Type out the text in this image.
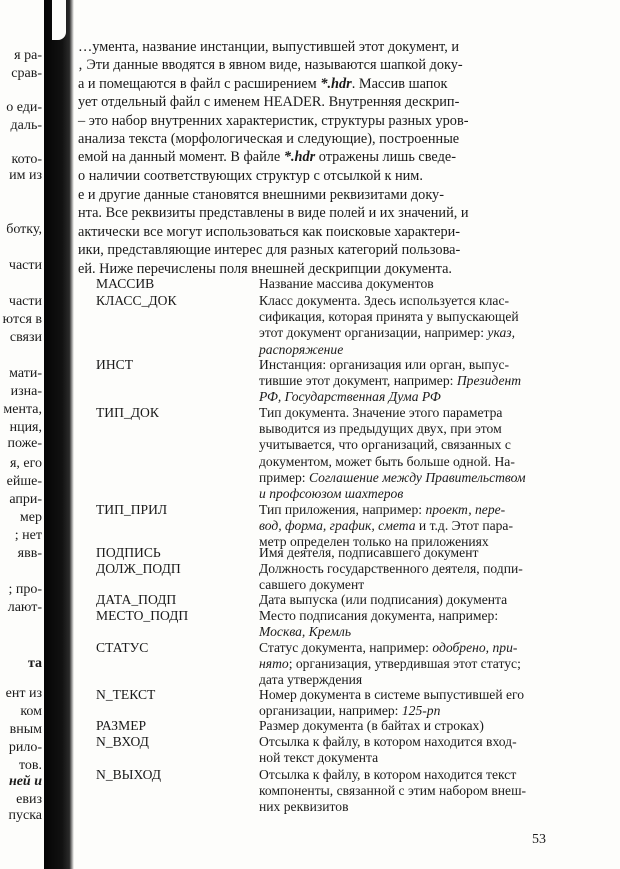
я ра-
срав-
о еди-
даль-
кото-
им из
ботку,
части
части
ются в
связи
мати-
изна-
мента,
нция,
поже-
я, его
ейше-
апри-
мер
; нет
явв-
; про-
лают-
та
ент из
ком
вным
рило-
тов.
ней и
евиз
пуска
…умента, название инстанции, выпустившей этот документ, и
‚ Эти данные вводятся в явном виде, называются шапкой доку-
а и помещаются в файл с расширением *.hdr. Массив шапок
ует отдельный файл с именем HEADER. Внутренняя дескрип-
– это набор внутренних характеристик, структуры разных уров-
анализа текста (морфологическая и следующие), построенные
емой на данный момент. В файле *.hdr отражены лишь сведе-
о наличии соответствующих структур с отсылкой к ним.
е и другие данные становятся внешними реквизитами доку-
нта. Все реквизиты представлены в виде полей и их значений, и
актически все могут использоваться как поисковые характери-
ики, представляющие интерес для разных категорий пользова-
ей. Ниже перечислены поля внешней дескрипции документа.
МАССИВ	Название массива документов
КЛАСС_ДОК	Класс документа. Здесь используется клас-
сификация, которая принята у выпускающей
этот документ организации, например: указ,
распоряжение
ИНСТ	Инстанция: организация или орган, выпус-
тившие этот документ, например: Президент
РФ, Государственная Дума РФ
ТИП_ДОК	Тип документа. Значение этого параметра
выводится из предыдущих двух, при этом
учитывается, что организаций, связанных с
документом, может быть больше одной. На-
пример: Соглашение между Правительством
и профсоюзом шахтеров
ТИП_ПРИЛ	Тип приложения, например: проект, пере-
вод, форма, график, смета и т.д. Этот пара-
метр определен только на приложениях
ПОДПИСЬ	Имя деятеля, подписавшего документ
ДОЛЖ_ПОДП	Должность государственного деятеля, подпи-
савшего документ
ДАТА_ПОДП	Дата выпуска (или подписания) документа
МЕСТО_ПОДП	Место подписания документа, например:
Москва, Кремль
СТАТУС	Статус документа, например: одобрено, при-
нято; организация, утвердившая этот статус;
дата утверждения
N_ТЕКСТ	Номер документа в системе выпустившей его
организации, например: 125-рп
РАЗМЕР	Размер документа (в байтах и строках)
N_ВХОД	Отсылка к файлу, в котором находится вход-
ной текст документа
N_ВЫХОД	Отсылка к файлу, в котором находится текст
компоненты, связанной с этим набором внеш-
них реквизитов
53
